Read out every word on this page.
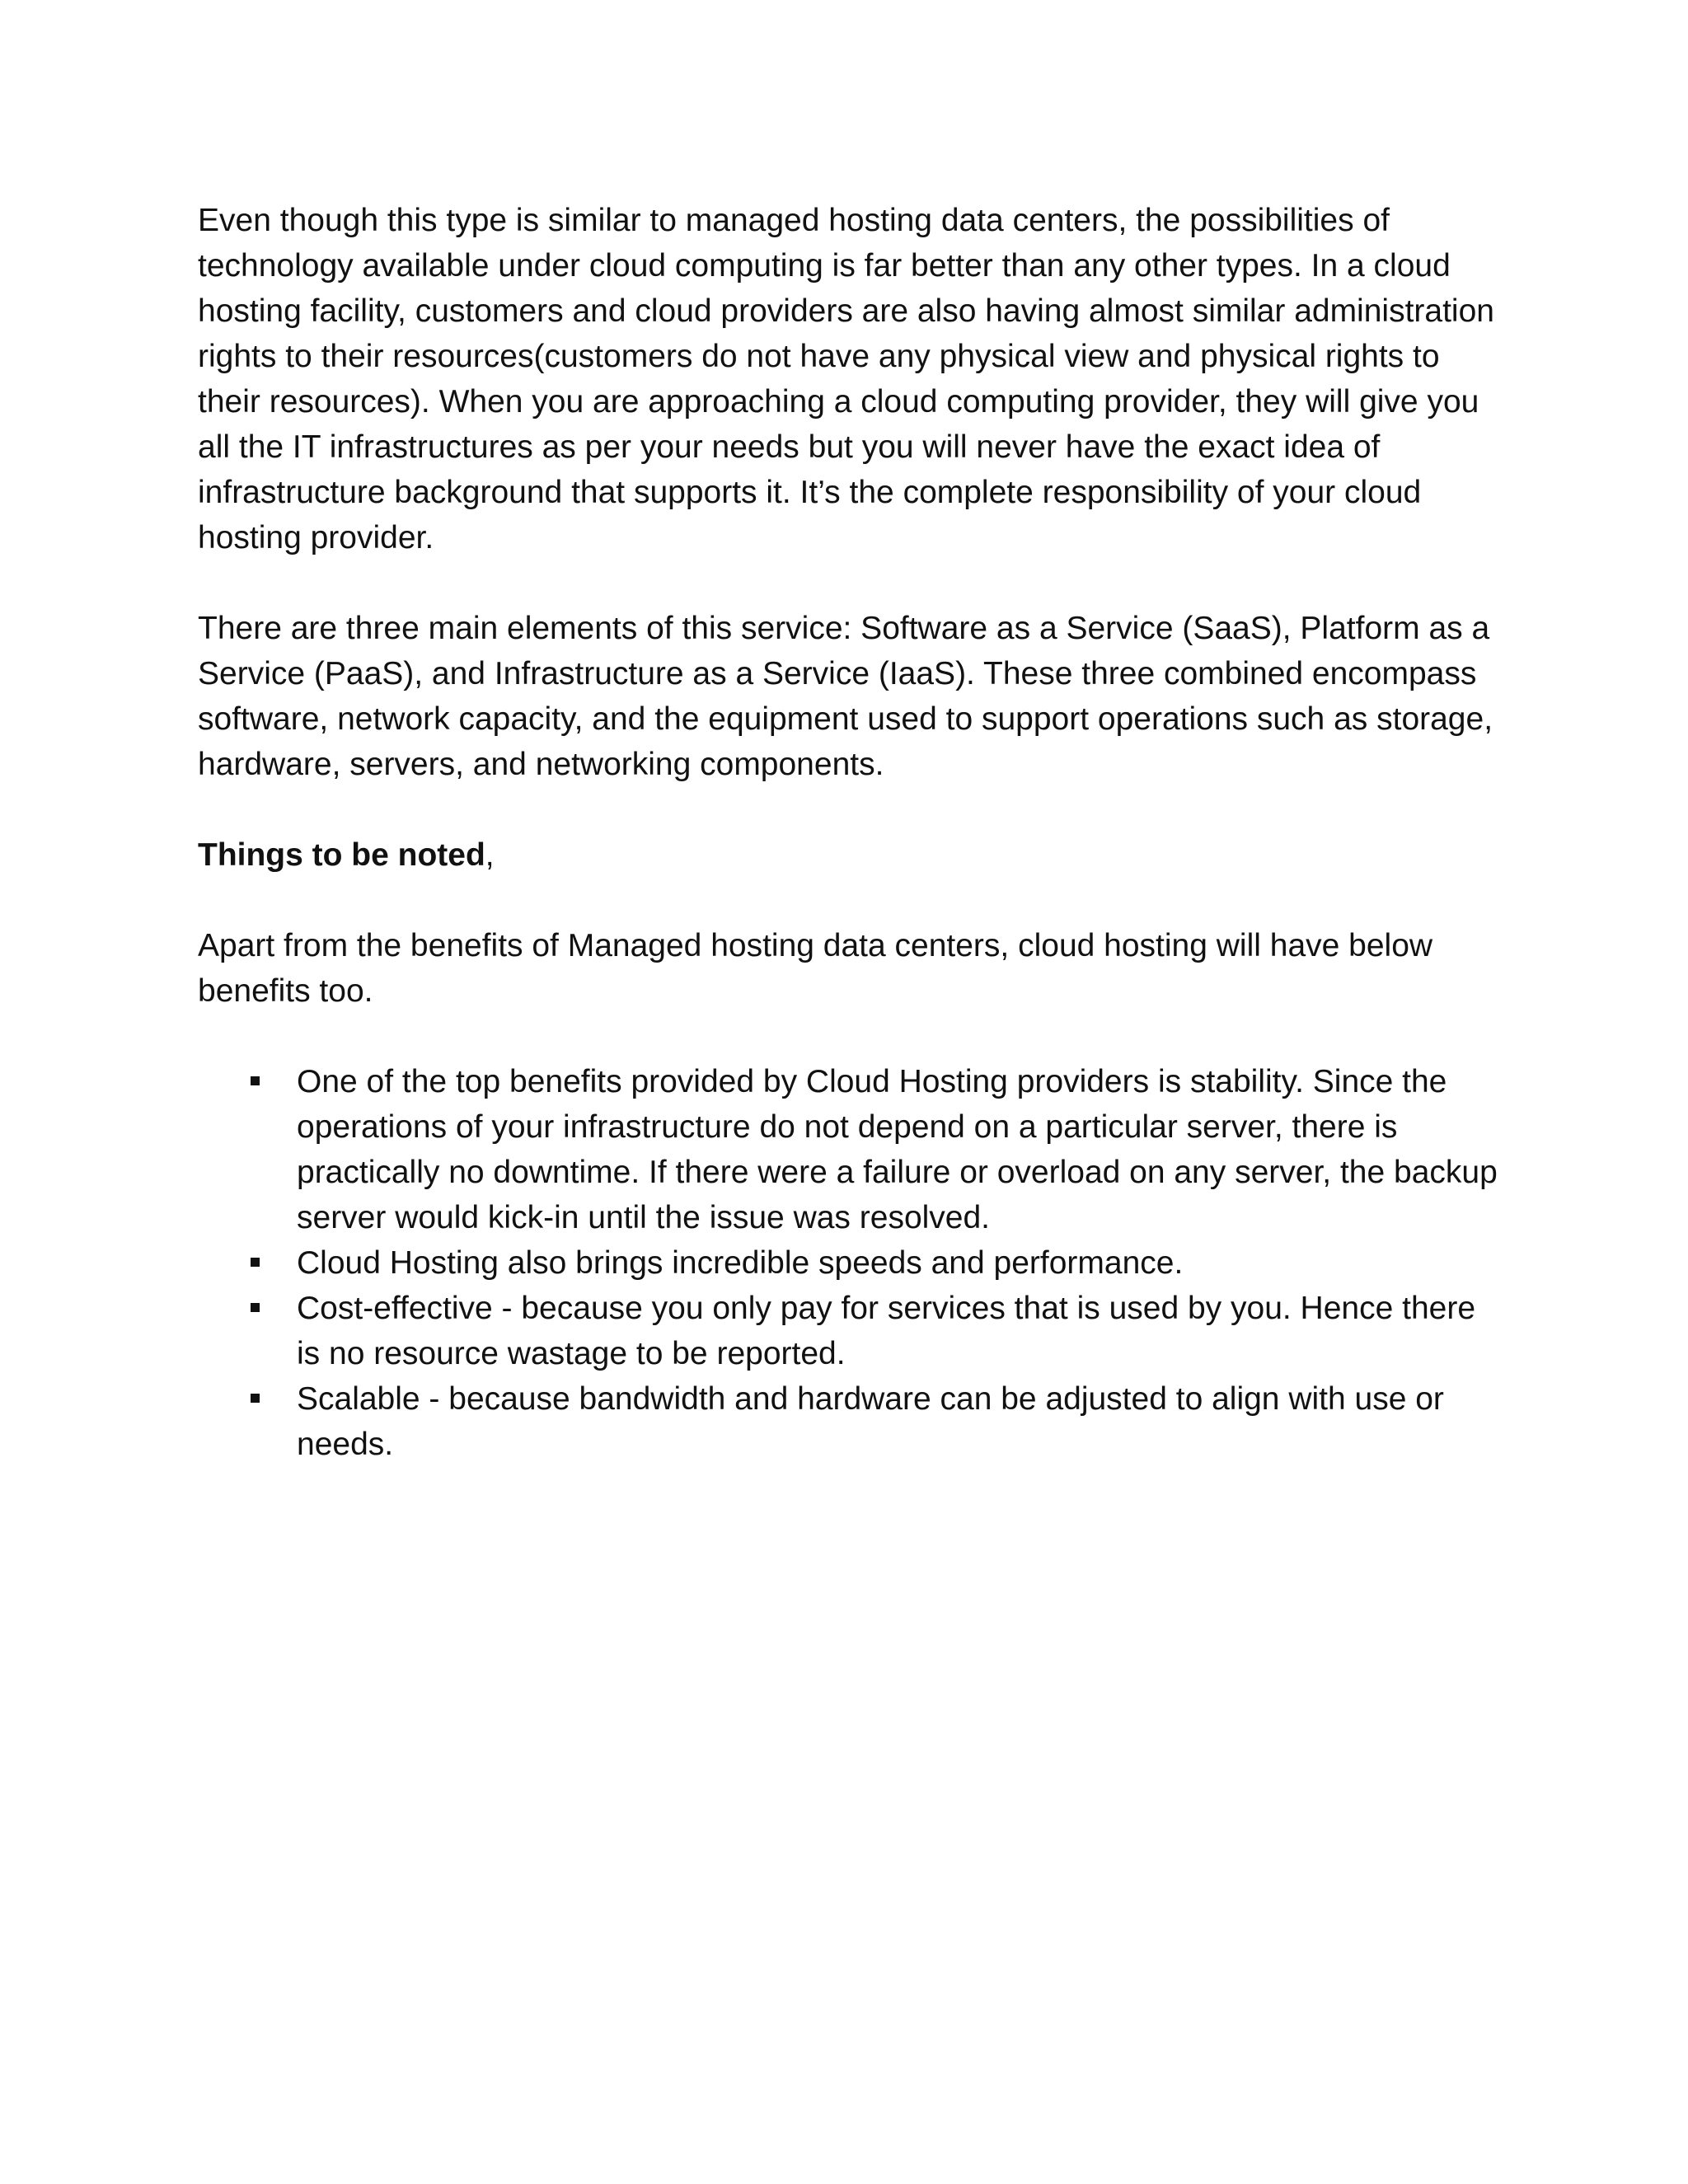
Even though this type is similar to managed hosting data centers, the possibilities of technology available under cloud computing is far better than any other types. In a cloud hosting facility, customers and cloud providers are also having almost similar administration rights to their resources(customers do not have any physical view and physical rights to their resources). When you are approaching a cloud computing provider, they will give you all the IT infrastructures as per your needs but you will never have the exact idea of infrastructure background that supports it. It’s the complete responsibility of your cloud hosting provider.

There are three main elements of this service: Software as a Service (SaaS), Platform as a Service (PaaS), and Infrastructure as a Service (IaaS). These three combined encompass software, network capacity, and the equipment used to support operations such as storage, hardware, servers, and networking components.

Things to be noted,

Apart from the benefits of Managed hosting data centers, cloud hosting will have below benefits too.

One of the top benefits provided by Cloud Hosting providers is stability. Since the operations of your infrastructure do not depend on a particular server, there is practically no downtime. If there were a failure or overload on any server, the backup server would kick-in until the issue was resolved.
Cloud Hosting also brings incredible speeds and performance.
Cost-effective - because you only pay for services that is used by you. Hence there is no resource wastage to be reported.
Scalable - because bandwidth and hardware can be adjusted to align with use or needs.
